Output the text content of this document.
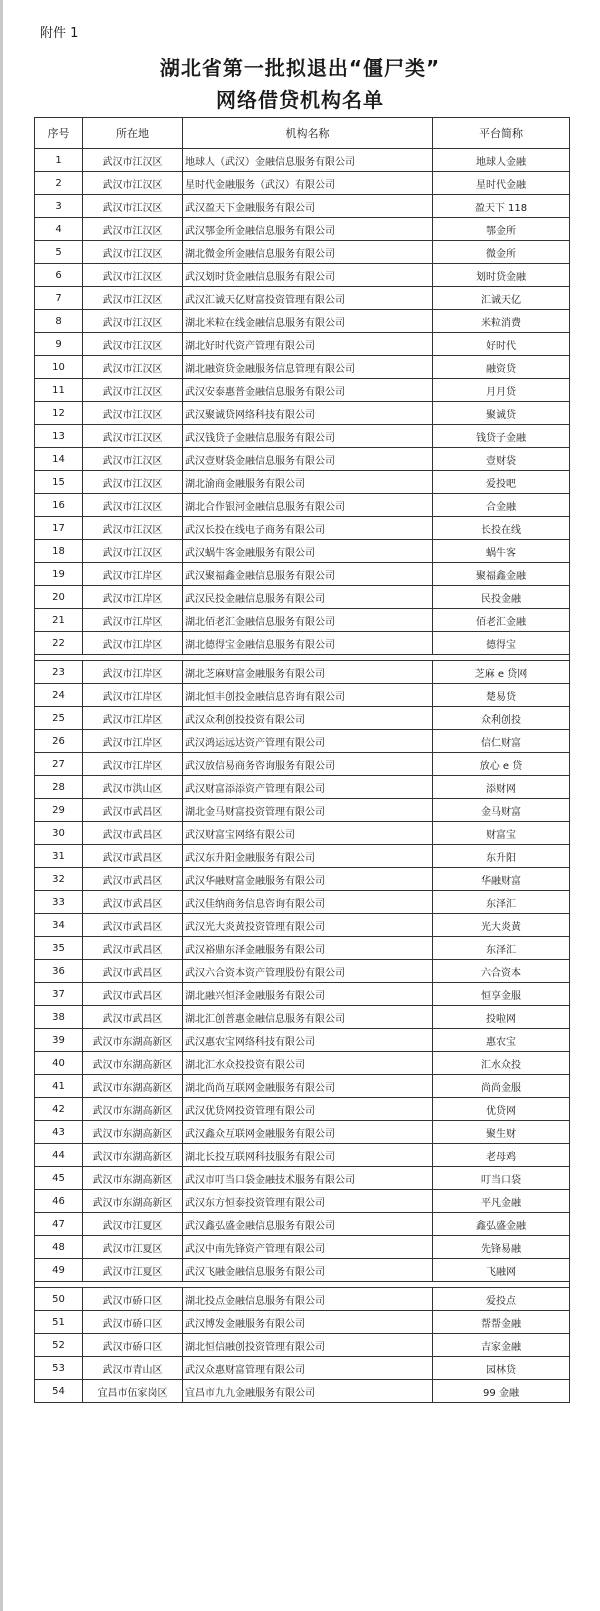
附件 1
湖北省第一批拟退出“僵尸类”
网络借贷机构名单
序号	所在地	机构名称	平台简称
1	武汉市江汉区	地球人（武汉）金融信息服务有限公司	地球人金融
2	武汉市江汉区	星时代金融服务（武汉）有限公司	星时代金融
3	武汉市江汉区	武汉盈天下金融服务有限公司	盈天下 118
4	武汉市江汉区	武汉鄂金所金融信息服务有限公司	鄂金所
5	武汉市江汉区	湖北微金所金融信息服务有限公司	微金所
6	武汉市江汉区	武汉划时贷金融信息服务有限公司	划时贷金融
7	武汉市江汉区	武汉汇诚天亿财富投资管理有限公司	汇诚天亿
8	武汉市江汉区	湖北米粒在线金融信息服务有限公司	米粒消费
9	武汉市江汉区	湖北好时代资产管理有限公司	好时代
10	武汉市江汉区	湖北融资贷金融服务信息管理有限公司	融资贷
11	武汉市江汉区	武汉安泰惠普金融信息服务有限公司	月月贷
12	武汉市江汉区	武汉聚诚贷网络科技有限公司	聚诚贷
13	武汉市江汉区	武汉钱贷子金融信息服务有限公司	钱贷子金融
14	武汉市江汉区	武汉壹财袋金融信息服务有限公司	壹财袋
15	武汉市江汉区	湖北渝商金融服务有限公司	爱投吧
16	武汉市江汉区	湖北合作银河金融信息服务有限公司	合金融
17	武汉市江汉区	武汉长投在线电子商务有限公司	长投在线
18	武汉市江汉区	武汉蜗牛客金融服务有限公司	蜗牛客
19	武汉市江岸区	武汉聚福鑫金融信息服务有限公司	聚福鑫金融
20	武汉市江岸区	武汉民投金融信息服务有限公司	民投金融
21	武汉市江岸区	湖北佰老汇金融信息服务有限公司	佰老汇金融
22	武汉市江岸区	湖北德得宝金融信息服务有限公司	德得宝

23	武汉市江岸区	湖北芝麻财富金融服务有限公司	芝麻 e 贷网
24	武汉市江岸区	湖北恒丰创投金融信息咨询有限公司	楚易贷
25	武汉市江岸区	武汉众利创投投资有限公司	众利创投
26	武汉市江岸区	武汉鸿运远达资产管理有限公司	信仁财富
27	武汉市江岸区	武汉放信易商务咨询服务有限公司	放心 e 贷
28	武汉市洪山区	武汉财富添添资产管理有限公司	添财网
29	武汉市武昌区	湖北金马财富投资管理有限公司	金马财富
30	武汉市武昌区	武汉财富宝网络有限公司	财富宝
31	武汉市武昌区	武汉东升阳金融服务有限公司	东升阳
32	武汉市武昌区	武汉华融财富金融服务有限公司	华融财富
33	武汉市武昌区	武汉佳纳商务信息咨询有限公司	东泽汇
34	武汉市武昌区	武汉光大炎黄投资管理有限公司	光大炎黄
35	武汉市武昌区	武汉裕鼎东泽金融服务有限公司	东泽汇
36	武汉市武昌区	武汉六合资本资产管理股份有限公司	六合资本
37	武汉市武昌区	湖北融兴恒泽金融服务有限公司	恒享金服
38	武汉市武昌区	湖北汇创普惠金融信息服务有限公司	投啦网
39	武汉市东湖高新区	武汉惠农宝网络科技有限公司	惠农宝
40	武汉市东湖高新区	湖北汇水众投投资有限公司	汇水众投
41	武汉市东湖高新区	湖北尚尚互联网金融服务有限公司	尚尚金服
42	武汉市东湖高新区	武汉优贷网投资管理有限公司	优贷网
43	武汉市东湖高新区	武汉鑫众互联网金融服务有限公司	聚生财
44	武汉市东湖高新区	湖北长投互联网科技服务有限公司	老母鸡
45	武汉市东湖高新区	武汉市叮当口袋金融技术服务有限公司	叮当口袋
46	武汉市东湖高新区	武汉东方恒泰投资管理有限公司	平凡金融
47	武汉市江夏区	武汉鑫弘盛金融信息服务有限公司	鑫弘盛金融
48	武汉市江夏区	武汉中南先锋资产管理有限公司	先锋易融
49	武汉市江夏区	武汉飞融金融信息服务有限公司	飞融网

50	武汉市硚口区	湖北投点金融信息服务有限公司	爱投点
51	武汉市硚口区	武汉博发金融服务有限公司	帮帮金融
52	武汉市硚口区	湖北恒信融创投资管理有限公司	吉家金融
53	武汉市青山区	武汉众惠财富管理有限公司	园林贷
54	宜昌市伍家岗区	宜昌市九九金融服务有限公司	99 金融
